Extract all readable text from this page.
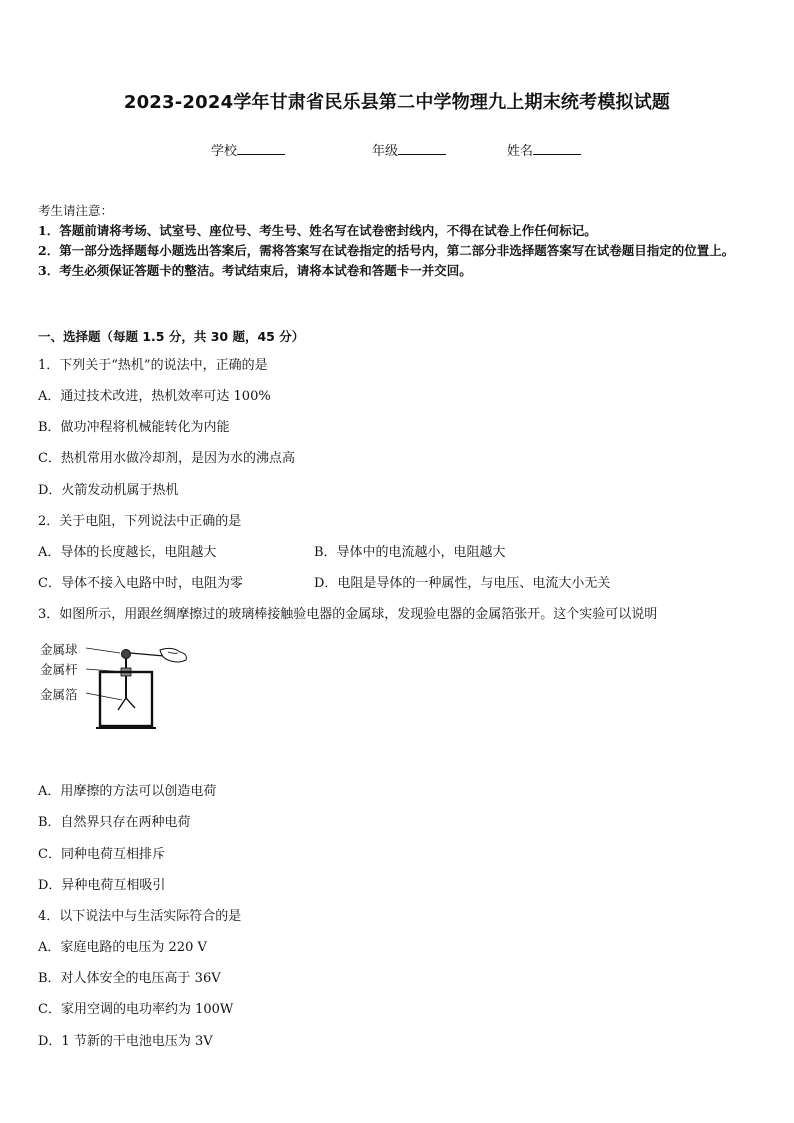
2023-2024学年甘肃省民乐县第二中学物理九上期末统考模拟试题
学校	年级	姓名
考生请注意：
1．答题前请将考场、试室号、座位号、考生号、姓名写在试卷密封线内，不得在试卷上作任何标记。
2．第一部分选择题每小题选出答案后，需将答案写在试卷指定的括号内，第二部分非选择题答案写在试卷题目指定的位置上。
3．考生必须保证答题卡的整洁。考试结束后，请将本试卷和答题卡一并交回。
一、选择题（每题 1.5 分，共 30 题，45 分）
1．下列关于“热机”的说法中，正确的是
A．通过技术改进，热机效率可达 100%
B．做功冲程将机械能转化为内能
C．热机常用水做冷却剂，是因为水的沸点高
D．火箭发动机属于热机
2．关于电阻，下列说法中正确的是
A．导体的长度越长，电阻越大	B．导体中的电流越小，电阻越大
C．导体不接入电路中时，电阻为零	D．电阻是导体的一种属性，与电压、电流大小无关
3．如图所示，用跟丝绸摩擦过的玻璃棒接触验电器的金属球，发现验电器的金属箔张开。这个实验可以说明
金属球
金属杆
金属箔
A．用摩擦的方法可以创造电荷
B．自然界只存在两种电荷
C．同种电荷互相排斥
D．异种电荷互相吸引
4．以下说法中与生活实际符合的是
A．家庭电路的电压为 220 V
B．对人体安全的电压高于 36V
C．家用空调的电功率约为 100W
D．1 节新的干电池电压为 3V
